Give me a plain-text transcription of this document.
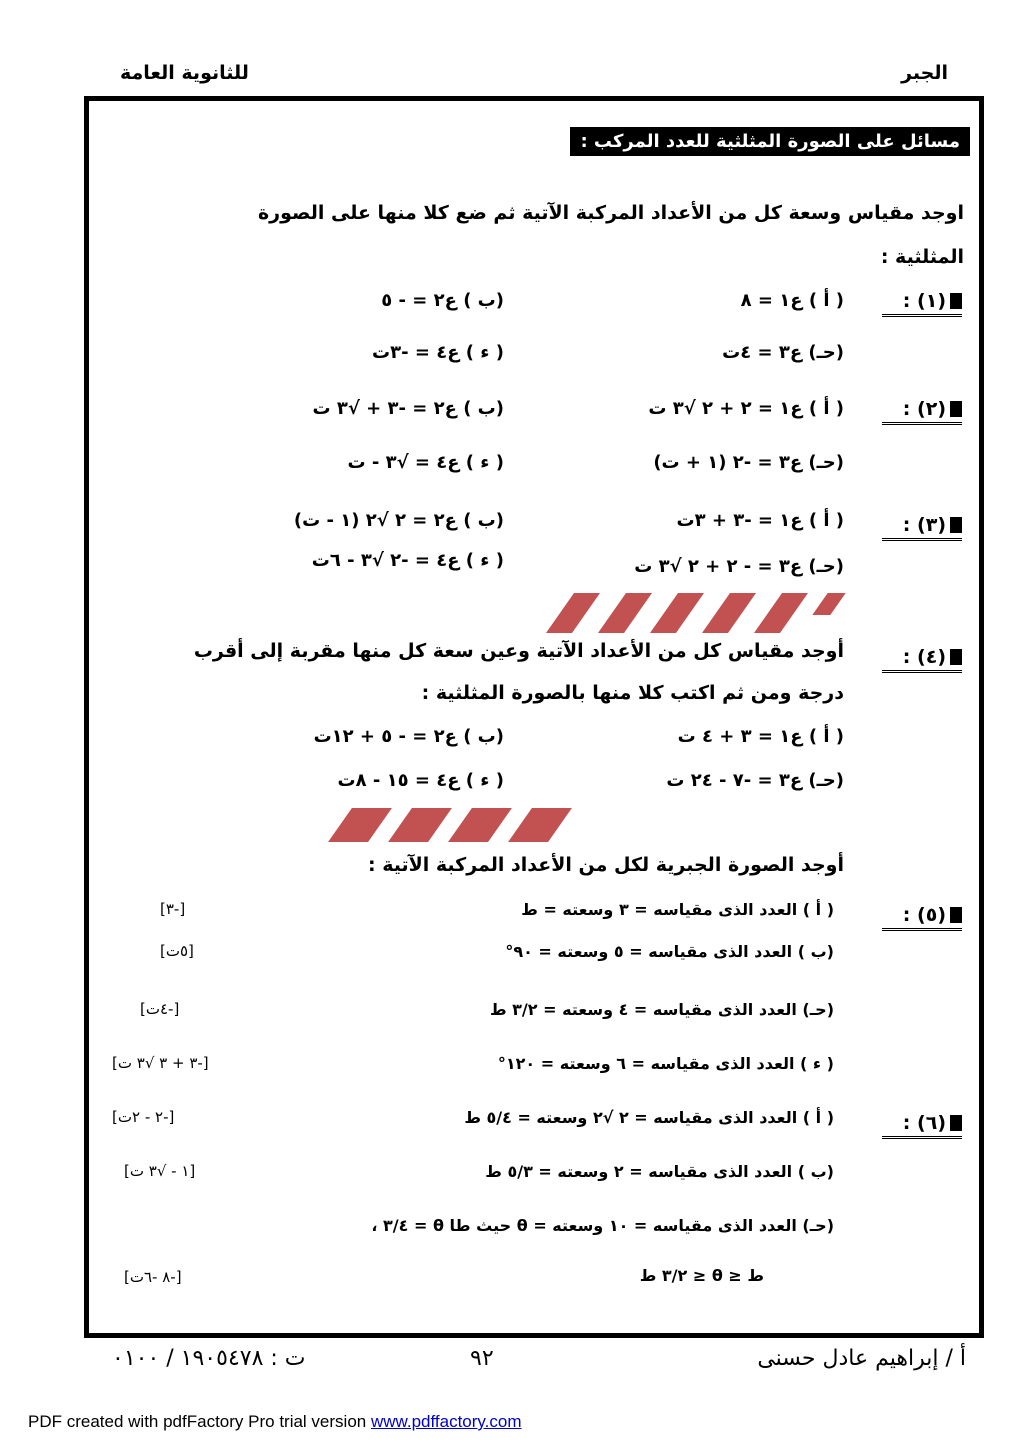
الجبر
للثانوية العامة
مسائل على الصورة المثلثية للعدد المركب :
اوجد مقياس وسعة كل من الأعداد المركبة الآتية ثم ضع كلا منها على الصورة
المثلثية :
(١) :
( أ ) ع١ = ٨
(ب ) ع٢ = - ٥
(حـ) ع٣ = ٤ت
( ء ) ع٤ = -٣ت
(٢) :
( أ ) ع١ = ٢ + ٢ √٣ ت
(ب ) ع٢ = -٣ + √٣ ت
(حـ) ع٣ = -٢ (١ + ت)
( ء ) ع٤ = √٣ - ت
(٣) :
( أ ) ع١ = -٣ + ٣ت
(ب ) ع٢ = ٢ √٢ (١ - ت)
(حـ) ع٣ = - ٢ + ٢ √٣ ت
( ء ) ع٤ = -٢ √٣ - ٦ت
(٤) :
أوجد مقياس كل من الأعداد الآتية وعين سعة كل منها مقربة إلى أقرب
درجة ومن ثم اكتب كلا منها بالصورة المثلثية :
( أ ) ع١ = ٣ + ٤ ت
(ب ) ع٢ = - ٥ + ١٢ت
(حـ) ع٣ = -٧ - ٢٤ ت
( ء ) ع٤ = ١٥ - ٨ت
أوجد الصورة الجبرية لكل من الأعداد المركبة الآتية :
(٥) :
( أ ) العدد الذى مقياسه = ٣ وسعته = ط
[-٣]
(ب ) العدد الذى مقياسه = ٥ وسعته = ٩٠°
[٥ت]
(حـ) العدد الذى مقياسه = ٤ وسعته = ٣/٢ ط
[-٤ت]
( ء ) العدد الذى مقياسه = ٦ وسعته = ١٢٠°
[-٣ + ٣ √٣ ت]
(٦) :
( أ ) العدد الذى مقياسه = ٢ √٢ وسعته = ٥/٤ ط
[-٢ - ٢ت]
(ب ) العدد الذى مقياسه = ٢ وسعته = ٥/٣ ط
[١ - √٣ ت]
(حـ) العدد الذى مقياسه = ١٠ وسعته = θ حيث طا θ = ٣/٤ ،
ط ≤ θ ≤ ٣/٢ ط
[-٨ -٦ت]
أ / إبراهيم عادل حسنى
٩٢
ت : ١٩٠٥٤٧٨ / ٠١٠٠
PDF created with pdfFactory Pro trial version www.pdffactory.com
